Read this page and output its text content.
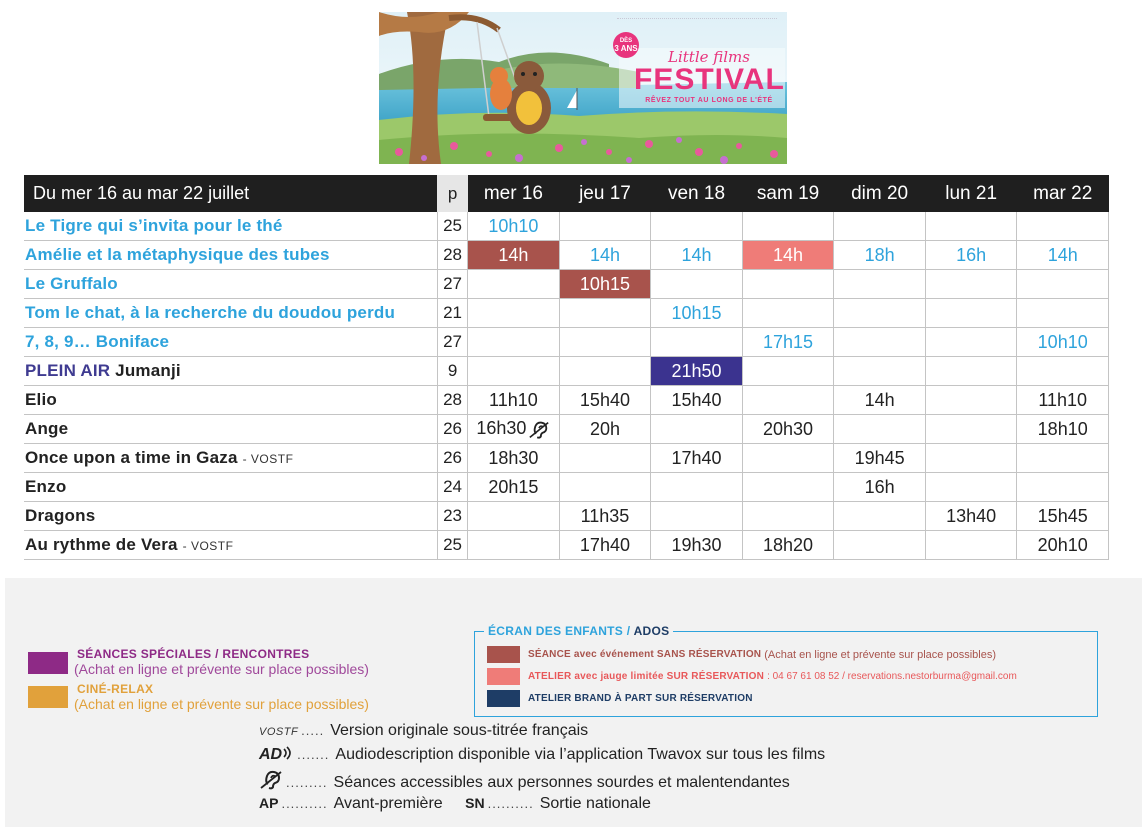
DÈS
3 ANS	Little films
FESTIVAL
RÊVEZ TOUT AU LONG DE L'ÉTÉ
Du mer 16 au mar 22 juillet	p	mer 16	jeu 17	ven 18	sam 19	dim 20	lun 21	mar 22
Le Tigre qui s’invita pour le thé	25	10h10						
Amélie et la métaphysique des tubes	28	14h	14h	14h	14h	18h	16h	14h
Le Gruffalo	27		10h15					
Tom le chat, à la recherche du doudou perdu	21			10h15				
7, 8, 9… Boniface	27				17h15			10h10
PLEIN AIR Jumanji	9			21h50				
Elio	28	11h10	15h40	15h40		14h		11h10
Ange	26	16h30	20h		20h30			18h10
Once upon a time in Gaza - VOSTF	26	18h30		17h40		19h45		
Enzo	24	20h15				16h		
Dragons	23		11h35				13h40	15h45
Au rythme de Vera - VOSTF	25		17h40	19h30	18h20			20h10
SÉANCES SPÉCIALES / RENCONTRES
(Achat en ligne et prévente sur place possibles)
CINÉ-RELAX
(Achat en ligne et prévente sur place possibles)
ÉCRAN DES ENFANTS / ADOS
SÉANCE avec événement SANS RÉSERVATION (Achat en ligne et prévente sur place possibles)
ATELIER avec jauge limitée SUR RÉSERVATION : 04 67 61 08 52 / reservations.nestorburma@gmail.com
ATELIER BRAND À PART SUR RÉSERVATION
VOSTF ..... Version originale sous-titrée français
AD ....... Audiodescription disponible via l’application Twavox sur tous les films
......... Séances accessibles aux personnes sourdes et malentendantes
AP .......... Avant-première SN .......... Sortie nationale
